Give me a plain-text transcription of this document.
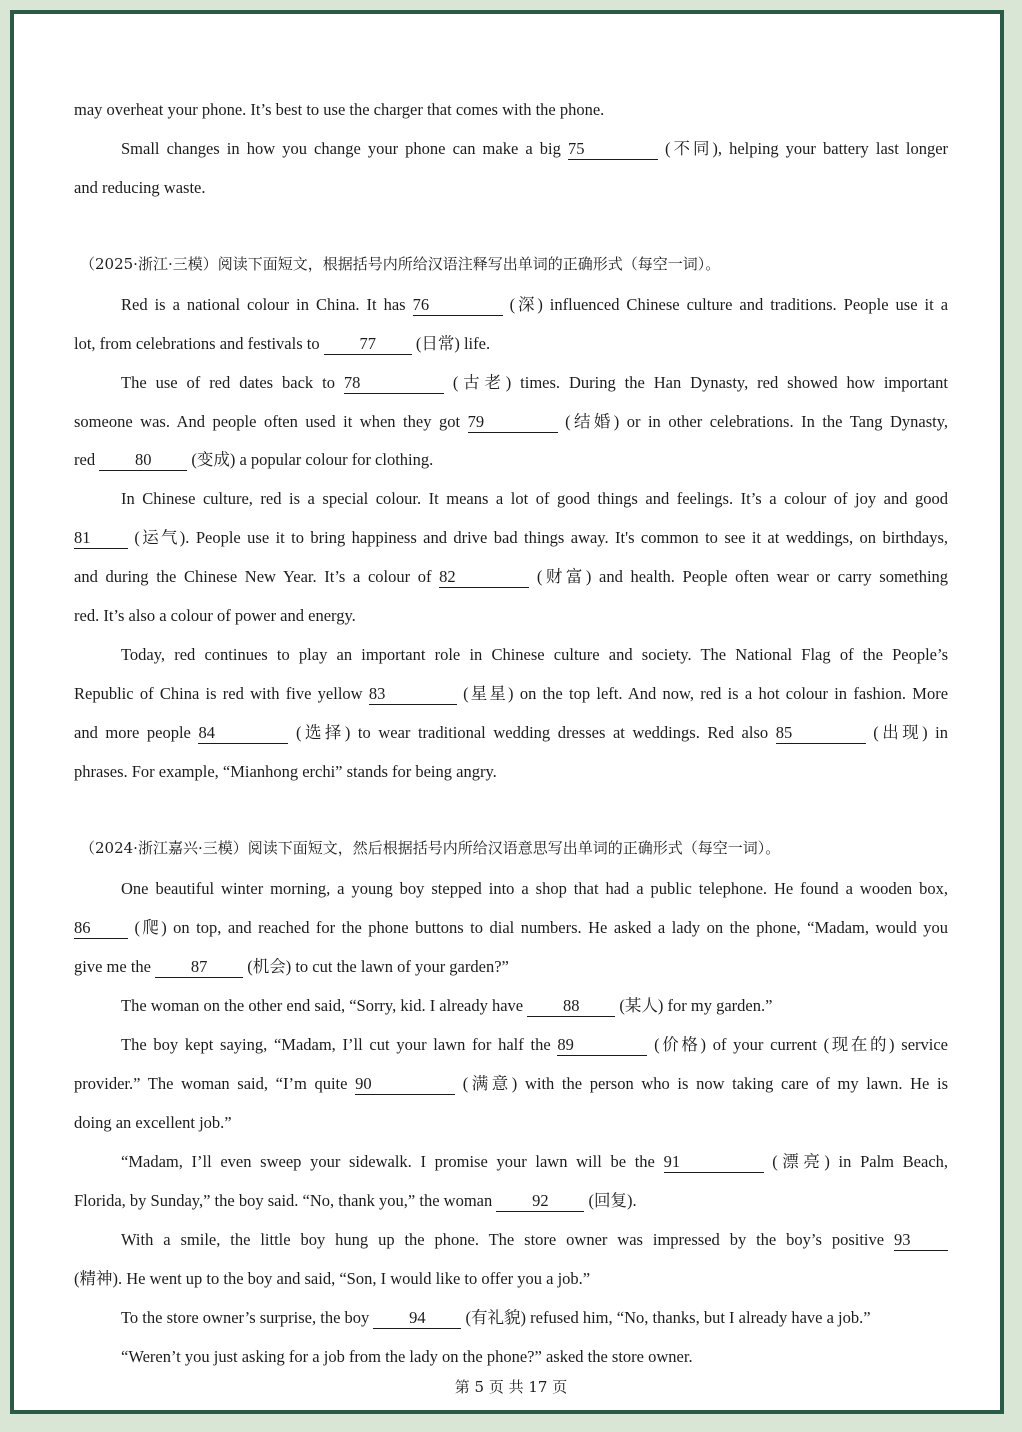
may overheat your phone. It’s best to use the charger that comes with the phone.
Small changes in how you change your phone can make a big 75	(不同), helping your battery last longer
and reducing waste.
（2025·浙江·三模）阅读下面短文，根据括号内所给汉语注释写出单词的正确形式（每空一词）。
Red is a national colour in China. It has 76	(深) influenced Chinese culture and traditions. People use it a
lot, from celebrations and festivals to 77 (日常) life.
The use of red dates back to 78	(古老) times. During the Han Dynasty, red showed how important
someone was. And people often used it when they got 79	(结婚) or in other celebrations. In the Tang Dynasty,
red 80 (变成) a popular colour for clothing.
In Chinese culture, red is a special colour. It means a lot of good things and feelings. It’s a colour of joy and good
81	(运气). People use it to bring happiness and drive bad things away. It's common to see it at weddings, on birthdays,
and during the Chinese New Year. It’s a colour of 82	(财富) and health. People often wear or carry something
red. It’s also a colour of power and energy.
Today, red continues to play an important role in Chinese culture and society. The National Flag of the People’s
Republic of China is red with five yellow 83	(星星) on the top left. And now, red is a hot colour in fashion. More
and more people 84	(选择) to wear traditional wedding dresses at weddings. Red also 85	(出现) in
phrases. For example, “Mianhong erchi” stands for being angry.
（2024·浙江嘉兴·三模）阅读下面短文，然后根据括号内所给汉语意思写出单词的正确形式（每空一词）。
One beautiful winter morning, a young boy stepped into a shop that had a public telephone. He found a wooden box,
86	(爬) on top, and reached for the phone buttons to dial numbers. He asked a lady on the phone, “Madam, would you
give me the 87 (机会) to cut the lawn of your garden?”
The woman on the other end said, “Sorry, kid. I already have 88 (某人) for my garden.”
The boy kept saying, “Madam, I’ll cut your lawn for half the 89	(价格) of your current (现在的) service
provider.” The woman said, “I’m quite 90	(满意) with the person who is now taking care of my lawn. He is
doing an excellent job.”
“Madam, I’ll even sweep your sidewalk. I promise your lawn will be the 91	(漂亮) in Palm Beach,
Florida, by Sunday,” the boy said. “No, thank you,” the woman 92 (回复).
With a smile, the little boy hung up the phone. The store owner was impressed by the boy’s positive 93
(精神). He went up to the boy and said, “Son, I would like to offer you a job.”
To the store owner’s surprise, the boy 94 (有礼貌) refused him, “No, thanks, but I already have a job.”
“Weren’t you just asking for a job from the lady on the phone?” asked the store owner.
第 5 页 共 17 页
